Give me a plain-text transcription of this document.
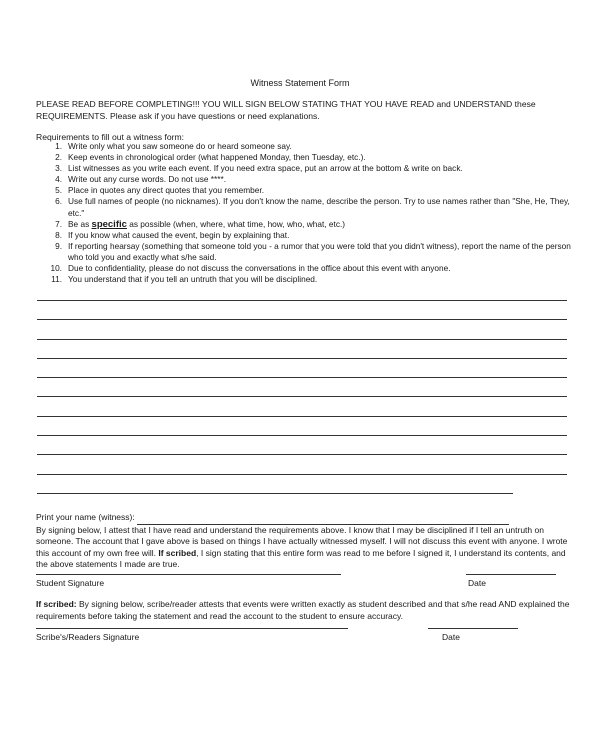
Witness Statement Form
PLEASE READ BEFORE COMPLETING!!! YOU WILL SIGN BELOW STATING THAT YOU HAVE READ and UNDERSTAND these REQUIREMENTS. Please ask if you have questions or need explanations.
Requirements to fill out a witness form:
1. Write only what you saw someone do or heard someone say.
2. Keep events in chronological order (what happened Monday, then Tuesday, etc.).
3. List witnesses as you write each event. If you need extra space, put an arrow at the bottom & write on back.
4. Write out any curse words. Do not use ****.
5. Place in quotes any direct quotes that you remember.
6. Use full names of people (no nicknames). If you don't know the name, describe the person. Try to use names rather than "She, He, They, etc."
7. Be as specific as possible (when, where, what time, how, who, what, etc.)
8. If you know what caused the event, begin by explaining that.
9. If reporting hearsay (something that someone told you - a rumor that you were told that you didn't witness), report the name of the person who told you and exactly what s/he said.
10. Due to confidentiality, please do not discuss the conversations in the office about this event with anyone.
11. You understand that if you tell an untruth that you will be disciplined.
Print your name (witness):
By signing below, I attest that I have read and understand the requirements above. I know that I may be disciplined if I tell an untruth on someone. The account that I gave above is based on things I have actually witnessed myself. I will not discuss this event with anyone. I wrote this account of my own free will. If scribed, I sign stating that this entire form was read to me before I signed it, I understand its contents, and the above statements I made are true.
Student Signature	Date
If scribed: By signing below, scribe/reader attests that events were written exactly as student described and that s/he read AND explained the requirements before taking the statement and read the account to the student to ensure accuracy.
Scribe's/Readers Signature	Date
